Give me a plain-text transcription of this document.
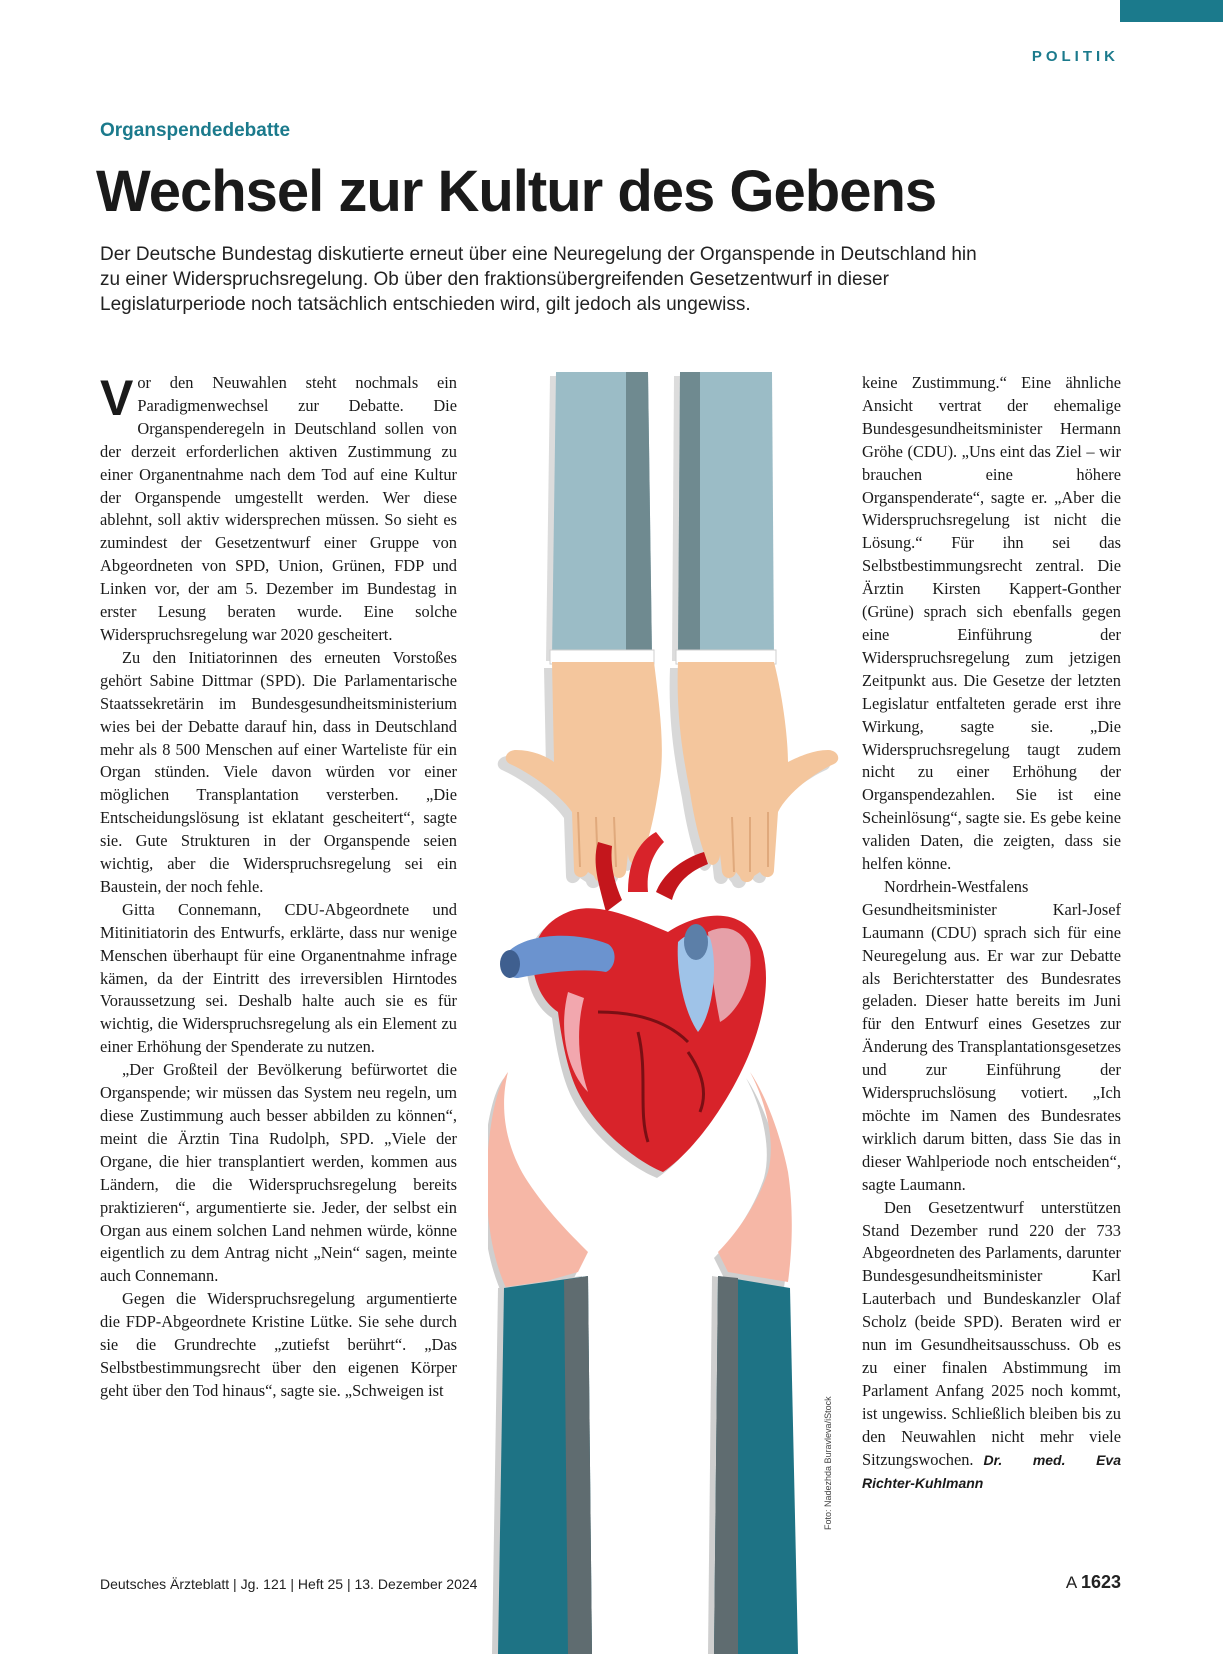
POLITIK
Organspendedebatte
Wechsel zur Kultur des Gebens

Der Deutsche Bundestag diskutierte erneut über eine Neuregelung der Organspende in Deutschland hin zu einer Widerspruchsregelung. Ob über den fraktionsübergreifenden Gesetzentwurf in dieser Legislaturperiode noch tatsächlich entschieden wird, gilt jedoch als ungewiss.

Vor den Neuwahlen steht nochmals ein Paradigmenwechsel zur Debatte. Die Organspenderegeln in Deutschland sollen von der derzeit erforderlichen aktiven Zustimmung zu einer Organentnahme nach dem Tod auf eine Kultur der Organspende umgestellt werden. Wer diese ablehnt, soll aktiv widersprechen müssen. So sieht es zumindest der Gesetzentwurf einer Gruppe von Abgeordneten von SPD, Union, Grünen, FDP und Linken vor, der am 5. Dezember im Bundestag in erster Lesung beraten wurde. Eine solche Widerspruchsregelung war 2020 gescheitert.

Zu den Initiatorinnen des erneuten Vorstoßes gehört Sabine Dittmar (SPD). Die Parlamentarische Staatssekretärin im Bundesgesundheitsministerium wies bei der Debatte darauf hin, dass in Deutschland mehr als 8 500 Menschen auf einer Warteliste für ein Organ stünden. Viele davon würden vor einer möglichen Transplantation versterben. „Die Entscheidungslösung ist eklatant gescheitert“, sagte sie. Gute Strukturen in der Organspende seien wichtig, aber die Widerspruchsregelung sei ein Baustein, der noch fehle.

Gitta Connemann, CDU-Abgeordnete und Mitinitiatorin des Entwurfs, erklärte, dass nur wenige Menschen überhaupt für eine Organentnahme infrage kämen, da der Eintritt des irreversiblen Hirntodes Voraussetzung sei. Deshalb halte auch sie es für wichtig, die Widerspruchsregelung als ein Element zu einer Erhöhung der Spenderate zu nutzen.

„Der Großteil der Bevölkerung befürwortet die Organspende; wir müssen das System neu regeln, um diese Zustimmung auch besser abbilden zu können“, meint die Ärztin Tina Rudolph, SPD. „Viele der Organe, die hier transplantiert werden, kommen aus Ländern, die die Widerspruchsregelung bereits praktizieren“, argumentierte sie. Jeder, der selbst ein Organ aus einem solchen Land nehmen würde, könne eigentlich zu dem Antrag nicht „Nein“ sagen, meinte auch Connemann.

Gegen die Widerspruchsregelung argumentierte die FDP-Abgeordnete Kristine Lütke. Sie sehe durch sie die Grundrechte „zutiefst berührt“. „Das Selbstbestimmungsrecht über den eigenen Körper geht über den Tod hinaus“, sagte sie. „Schweigen ist

keine Zustimmung.“ Eine ähnliche Ansicht vertrat der ehemalige Bundesgesundheitsminister Hermann Gröhe (CDU). „Uns eint das Ziel – wir brauchen eine höhere Organspenderate“, sagte er. „Aber die Widerspruchsregelung ist nicht die Lösung.“ Für ihn sei das Selbstbestimmungsrecht zentral. Die Ärztin Kirsten Kappert-Gonther (Grüne) sprach sich ebenfalls gegen eine Einführung der Widerspruchsregelung zum jetzigen Zeitpunkt aus. Die Gesetze der letzten Legislatur entfalteten gerade erst ihre Wirkung, sagte sie. „Die Widerspruchsregelung taugt zudem nicht zu einer Erhöhung der Organspendezahlen. Sie ist eine Scheinlösung“, sagte sie. Es gebe keine validen Daten, die zeigten, dass sie helfen könne.

Nordrhein-Westfalens Gesundheitsminister Karl-Josef Laumann (CDU) sprach sich für eine Neuregelung aus. Er war zur Debatte als Berichterstatter des Bundesrates geladen. Dieser hatte bereits im Juni für den Entwurf eines Gesetzes zur Änderung des Transplantationsgesetzes und zur Einführung der Widerspruchslösung votiert. „Ich möchte im Namen des Bundesrates wirklich darum bitten, dass Sie das in dieser Wahlperiode noch entscheiden“, sagte Laumann.

Den Gesetzentwurf unterstützen Stand Dezember rund 220 der 733 Abgeordneten des Parlaments, darunter Bundesgesundheitsminister Karl Lauterbach und Bundeskanzler Olaf Scholz (beide SPD). Beraten wird er nun im Gesundheitsausschuss. Ob es zu einer finalen Abstimmung im Parlament Anfang 2025 noch kommt, ist ungewiss. Schließlich bleiben bis zu den Neuwahlen nicht mehr viele Sitzungswochen. Dr. med. Eva Richter-Kuhlmann

Foto: Nadezhda Buravleva/iStock
Deutsches Ärzteblatt | Jg. 121 | Heft 25 | 13. Dezember 2024	A 1623
